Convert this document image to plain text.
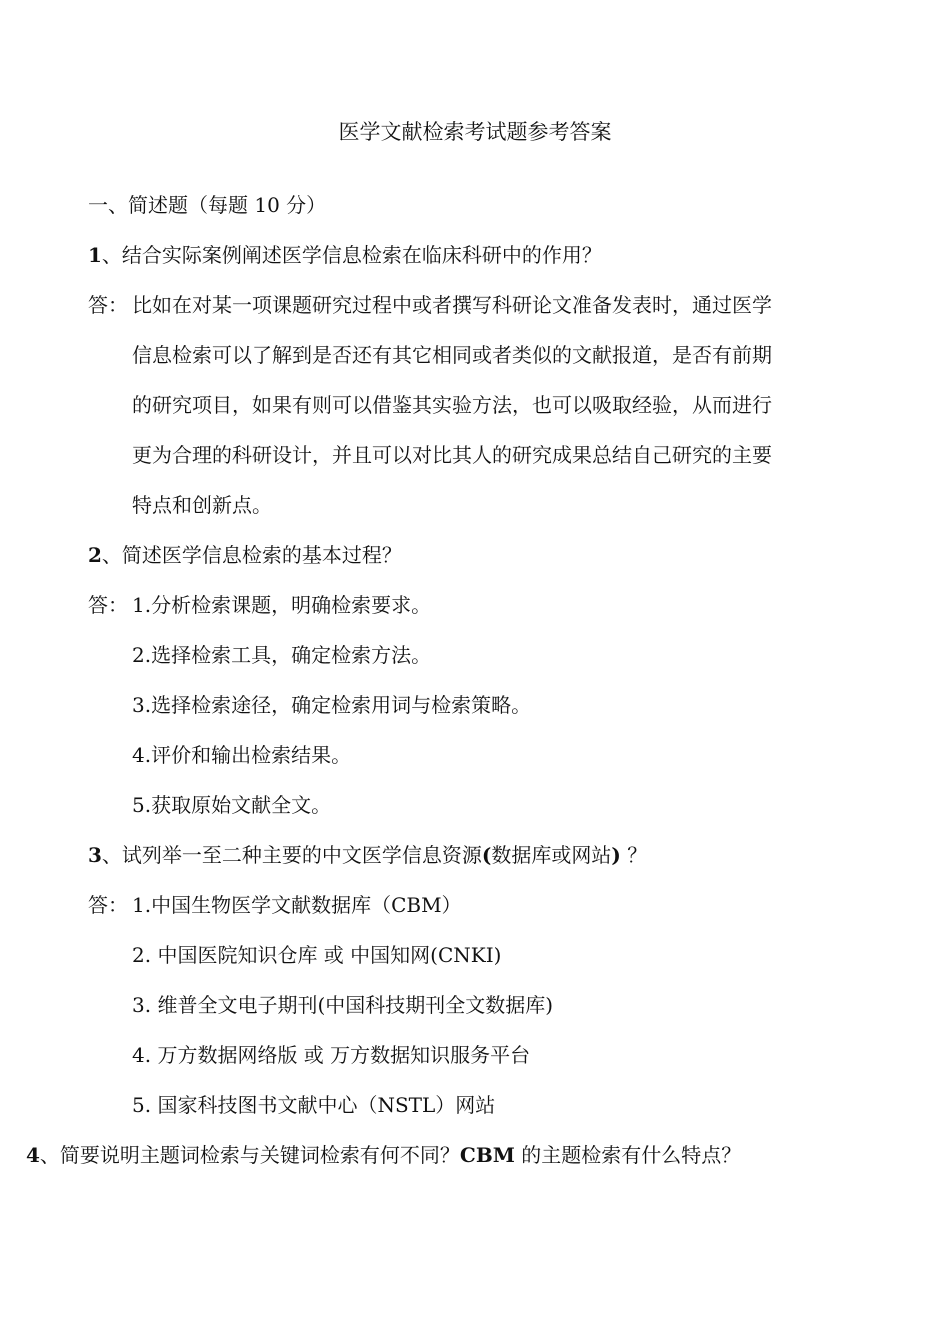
医学文献检索考试题参考答案
一、简述题（每题 10 分）
1、结合实际案例阐述医学信息检索在临床科研中的作用？
答： 比如在对某一项课题研究过程中或者撰写科研论文准备发表时，通过医学
信息检索可以了解到是否还有其它相同或者类似的文献报道，是否有前期
的研究项目，如果有则可以借鉴其实验方法，也可以吸取经验，从而进行
更为合理的科研设计，并且可以对比其人的研究成果总结自己研究的主要
特点和创新点。
2、简述医学信息检索的基本过程？
答： 1.分析检索课题，明确检索要求。
2.选择检索工具，确定检索方法。
3.选择检索途径，确定检索用词与检索策略。
4.评价和输出检索结果。
5.获取原始文献全文。
3、试列举一至二种主要的中文医学信息资源(数据库或网站) ？
答： 1.中国生物医学文献数据库（CBM）
2. 中国医院知识仓库 或 中国知网(CNKI)
3. 维普全文电子期刊(中国科技期刊全文数据库)
4. 万方数据网络版 或 万方数据知识服务平台
5. 国家科技图书文献中心（NSTL）网站
4、简要说明主题词检索与关键词检索有何不同？CBM 的主题检索有什么特点？
